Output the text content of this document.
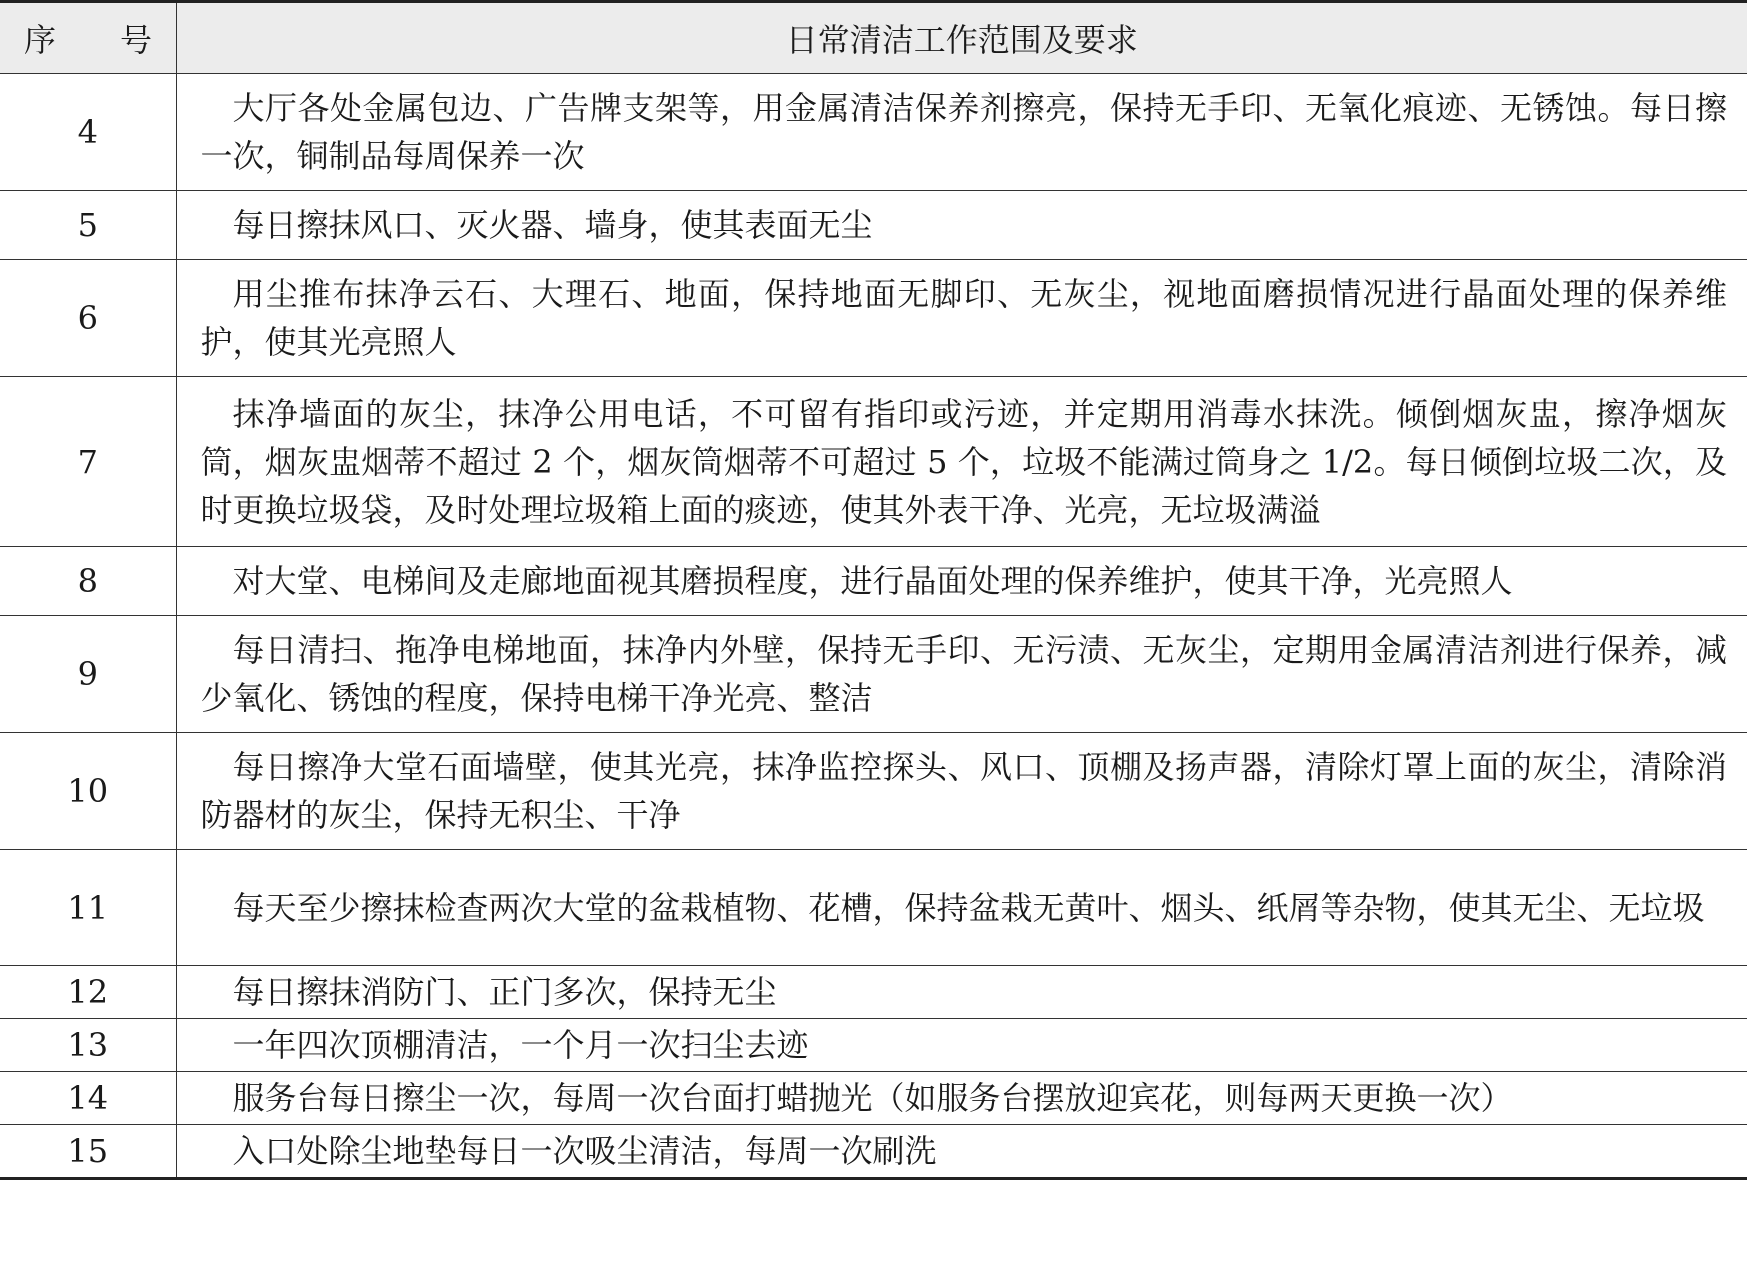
序 号	日常清洁工作范围及要求
4	大厅各处金属包边、广告牌支架等，用金属清洁保养剂擦亮，保持无手印、无氧化痕迹、无锈蚀。每日擦一次，铜制品每周保养一次

5	每日擦抹风口、灭火器、墙身，使其表面无尘

6	用尘推布抹净云石、大理石、地面，保持地面无脚印、无灰尘，视地面磨损情况进行晶面处理的保养维护，使其光亮照人

7	抹净墙面的灰尘，抹净公用电话，不可留有指印或污迹，并定期用消毒水抹洗。倾倒烟灰盅，擦净烟灰筒，烟灰盅烟蒂不超过 2 个，烟灰筒烟蒂不可超过 5 个，垃圾不能满过筒身之 1/2。每日倾倒垃圾二次，及时更换垃圾袋，及时处理垃圾箱上面的痰迹，使其外表干净、光亮，无垃圾满溢

8	对大堂、电梯间及走廊地面视其磨损程度，进行晶面处理的保养维护，使其干净，光亮照人

9	每日清扫、拖净电梯地面，抹净内外壁，保持无手印、无污渍、无灰尘，定期用金属清洁剂进行保养，减少氧化、锈蚀的程度，保持电梯干净光亮、整洁

10	每日擦净大堂石面墙壁，使其光亮，抹净监控探头、风口、顶棚及扬声器，清除灯罩上面的灰尘，清除消防器材的灰尘，保持无积尘、干净

11	每天至少擦抹检查两次大堂的盆栽植物、花槽，保持盆栽无黄叶、烟头、纸屑等杂物，使其无尘、无垃圾

12	每日擦抹消防门、正门多次，保持无尘

13	一年四次顶棚清洁，一个月一次扫尘去迹

14	服务台每日擦尘一次，每周一次台面打蜡抛光（如服务台摆放迎宾花，则每两天更换一次）

15	入口处除尘地垫每日一次吸尘清洁，每周一次刷洗
